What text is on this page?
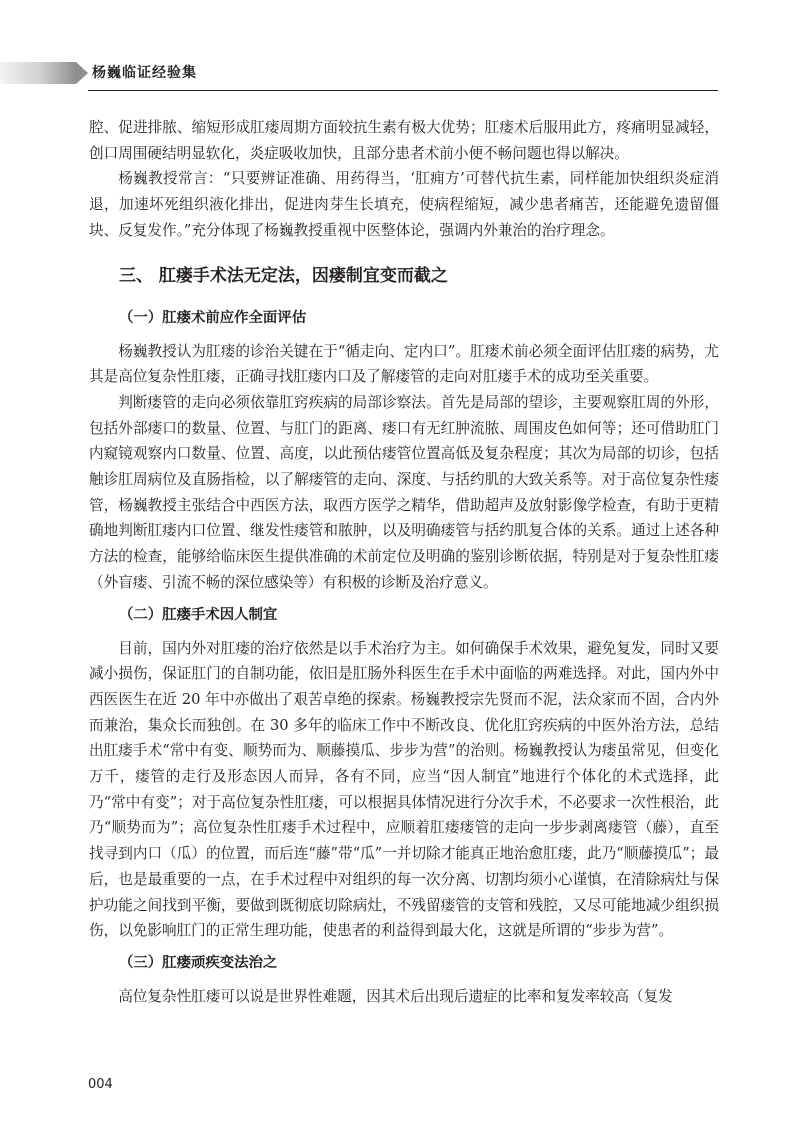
杨巍临证经验集

腔、促进排脓、缩短形成肛瘘周期方面较抗生素有极大优势；肛瘘术后服用此方，疼痛明显减轻，创口周围硬结明显软化，炎症吸收加快，且部分患者术前小便不畅问题也得以解决。

杨巍教授常言：“只要辨证准确、用药得当，‘肛痈方’可替代抗生素，同样能加快组织炎症消退，加速坏死组织液化排出，促进肉芽生长填充，使病程缩短，减少患者痛苦，还能避免遗留僵块、反复发作。”充分体现了杨巍教授重视中医整体论，强调内外兼治的治疗理念。

三、 肛瘘手术法无定法，因瘘制宜变而截之
（一）肛瘘术前应作全面评估

杨巍教授认为肛瘘的诊治关键在于“循走向、定内口”。肛瘘术前必须全面评估肛瘘的病势，尤其是高位复杂性肛瘘，正确寻找肛瘘内口及了解瘘管的走向对肛瘘手术的成功至关重要。

判断瘘管的走向必须依靠肛窍疾病的局部诊察法。首先是局部的望诊，主要观察肛周的外形，包括外部瘘口的数量、位置、与肛门的距离、瘘口有无红肿流脓、周围皮色如何等；还可借助肛门内窥镜观察内口数量、位置、高度，以此预估瘘管位置高低及复杂程度；其次为局部的切诊，包括触诊肛周病位及直肠指检，以了解瘘管的走向、深度、与括约肌的大致关系等。对于高位复杂性瘘管，杨巍教授主张结合中西医方法，取西方医学之精华，借助超声及放射影像学检查，有助于更精确地判断肛瘘内口位置、继发性瘘管和脓肿，以及明确瘘管与括约肌复合体的关系。通过上述各种方法的检查，能够给临床医生提供准确的术前定位及明确的鉴别诊断依据，特别是对于复杂性肛瘘（外盲瘘、引流不畅的深位感染等）有积极的诊断及治疗意义。

（二）肛瘘手术因人制宜

目前，国内外对肛瘘的治疗依然是以手术治疗为主。如何确保手术效果，避免复发，同时又要减小损伤，保证肛门的自制功能，依旧是肛肠外科医生在手术中面临的两难选择。对此，国内外中西医医生在近 20 年中亦做出了艰苦卓绝的探索。杨巍教授宗先贤而不泥，法众家而不固，合内外而兼治，集众长而独创。在 30 多年的临床工作中不断改良、优化肛窍疾病的中医外治方法，总结出肛瘘手术“常中有变、顺势而为、顺藤摸瓜、步步为营”的治则。杨巍教授认为瘘虽常见，但变化万千，瘘管的走行及形态因人而异，各有不同，应当“因人制宜”地进行个体化的术式选择，此乃“常中有变”；对于高位复杂性肛瘘，可以根据具体情况进行分次手术，不必要求一次性根治，此乃“顺势而为”；高位复杂性肛瘘手术过程中，应顺着肛瘘瘘管的走向一步步剥离瘘管（藤），直至找寻到内口（瓜）的位置，而后连“藤”带“瓜”一并切除才能真正地治愈肛瘘，此乃“顺藤摸瓜”；最后，也是最重要的一点，在手术过程中对组织的每一次分离、切割均须小心谨慎，在清除病灶与保护功能之间找到平衡，要做到既彻底切除病灶，不残留瘘管的支管和残腔，又尽可能地减少组织损伤，以免影响肛门的正常生理功能，使患者的利益得到最大化，这就是所谓的“步步为营”。

（三）肛瘘顽疾变法治之

高位复杂性肛瘘可以说是世界性难题，因其术后出现后遗症的比率和复发率较高（复发

004
